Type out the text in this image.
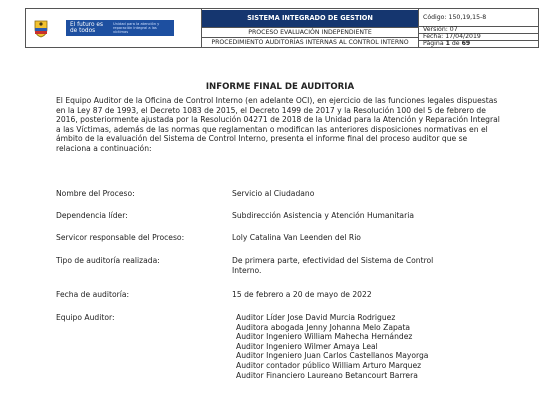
El futuro es de todos
Unidad para la atención y reparación integral a las víctimas

SISTEMA INTEGRADO DE GESTION
PROCESO EVALUACIÓN INDEPENDIENTE
PROCEDIMIENTO AUDITORÍAS INTERNAS AL CONTROL INTERNO

Código: 150,19,15-8
Versión: 07
Fecha: 17/04/2019
Página 1 de 69
INFORME FINAL DE AUDITORIA

El Equipo Auditor de la Oficina de Control Interno (en adelante OCI), en ejercicio de las funciones legales dispuestas en la Ley 87 de 1993, el Decreto 1083 de 2015, el Decreto 1499 de 2017 y la Resolución 100 del 5 de febrero de 2016, posteriormente ajustada por la Resolución 04271 de 2018 de la Unidad para la Atención y Reparación Integral a las Víctimas, además de las normas que reglamentan o modifican las anteriores disposiciones normativas en el ámbito de la evaluación del Sistema de Control Interno, presenta el informe final del proceso auditor que se relaciona a continuación:

Nombre del Proceso:	Servicio al Ciudadano
Dependencia líder:	Subdirección Asistencia y Atención Humanitaria
Servicor responsable del Proceso:	Loly Catalina Van Leenden del Rio
Tipo de auditoría realizada:	De primera parte, efectividad del Sistema de Control Interno.
Fecha de auditoría:	15 de febrero a 20 de mayo de 2022
Equipo Auditor:	Auditor Líder Jose David Murcia Rodriguez
Auditora abogada Jenny Johanna Melo Zapata
Auditor Ingeniero William Mahecha Hernández
Auditor Ingeniero Wilmer Amaya Leal
Auditor Ingeniero Juan Carlos Castellanos Mayorga
Auditor contador público William Arturo Marquez
Auditor Financiero Laureano Betancourt Barrera
